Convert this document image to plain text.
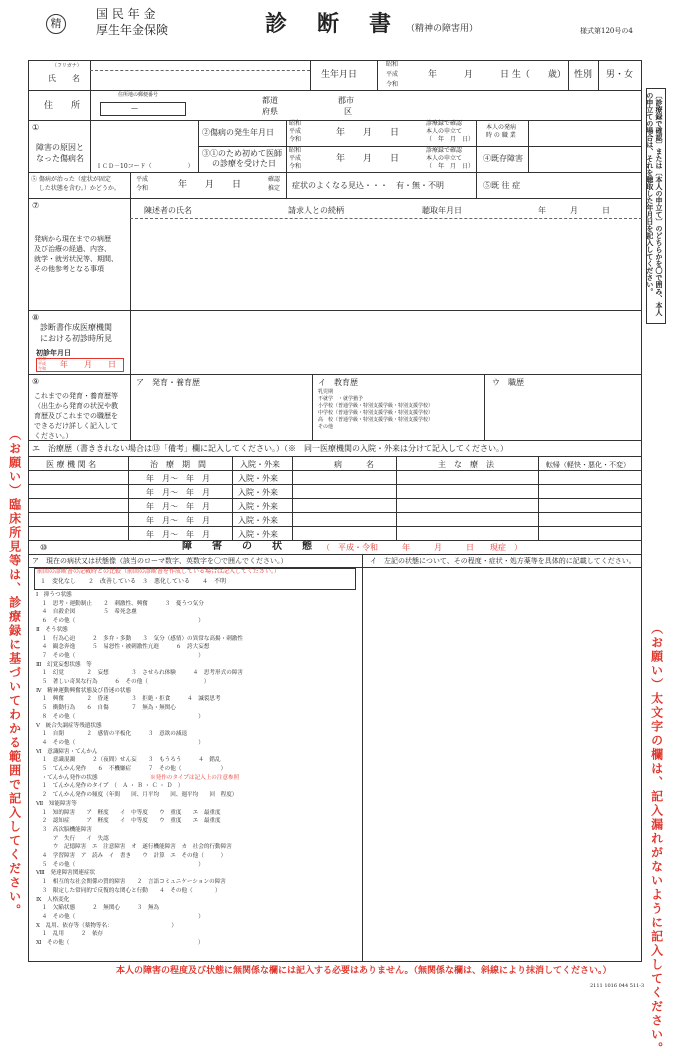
精
国 民 年 金
厚生年金保険	診　断　書 （精神の障害用）	様式第120号の4
（フリガナ）
氏　　名	生年月日
昭和
平成
令和
年　　　月　　　日 生（　　歳） 性別 男・女
住　　所
住所地の郵便番号
—
都道
府県
郡市
区
①
障害の原因と
なった傷病名
ＩＣＤ－10コード（　　　　　　）
②傷病の発生年月日
昭和
平成
令和
年　　月　　日
診療録で確認
本人の申立て
（　年　月　日）
本人の発病
時 の 職 業
③①のため初めて医師
の診療を受けた日
昭和
平成
令和
年　　月　　日
診療録で確認
本人の申立て
（　年　月　日）
④既存障害
⑤ 傷病が治った（症状が固定
　 した状態を含む。）かどうか。
平成
令和	年　　月　　日
確認
推定 症状のよくなる見込・・・　有・無・不明	⑤既 往 症
⑦
発病から現在までの病歴
及び治療の経過、内容、
就学・就労状況等、期間、
その他参考となる事項
陳述者の氏名	請求人との続柄	聴取年月日	年　　　月　　　日
⑧
診断書作成医療機関
における初診時所見
初診年月日
昭和
平成
令和 年　　月　　日
⑨
これまでの発育・養育歴等
（出生から発育の状況や教
育歴及びこれまでの職歴を
できるだけ詳しく記入して
ください。）
ア　発育・養育歴	イ　教育歴	ウ　職歴
乳児期
不就学　・就学猶予
小学校（普通学級・特別支援学級・特別支援学校）
中学校（普通学級・特別支援学級・特別支援学校）
高　校（普通学級・特別支援学級・特別支援学校）
その他
エ　治療歴（書ききれない場合は⑬「備考」欄に記入してください。）（※　同一医療機関の入院・外来は分けて記入してください。）
医 療 機 関 名	治　療　期　間	入院・外来	病　　　名	主　な　療　法	転帰（軽快・悪化・不変）
年　月～　年　月	入院・外来
年　月～　年　月	入院・外来
年　月～　年　月	入院・外来
年　月～　年　月	入院・外来
年　月～　年　月	入院・外来
⑩	障　　害　　の　　状　　態 （　平成・令和　　　年　　　月　　　日　　現症　）
ア　現在の病状又は状態像（該当のローマ数字、英数字を〇で囲んでください。）	イ　左記の状態について、その程度・症状・処方薬等を具体的に記載してください。
前回の診断書の記載時との比較（前回の診断書を作成している場合は記入してください。）
１　変化なし　　２　改善している　３　悪化している　　４　不明
Ⅰ　抑うつ状態
　１　思考・運動制止　　２　刺激性、興奮　　　３　憂うつ気分
　４　自殺企図　　　　　５　希死念慮
　６　その他（　　　　　　　　　　　　　　　　　　　　　　）
Ⅱ　そう状態
　１　行為心迫　　　２　多弁・多動　　３　気分（感情）の異常な高揚・刺激性
　４　観念奔逸　　　５　易怒性・被刺激性亢進　　　６　誇大妄想
　７　その他（　　　　　　　　　　　　　　　　　　　　　　）
Ⅲ　幻覚妄想状態　等
　１　幻覚　　　　２　妄想　　　　３　させられ体験　　　４　思考形式の障害
　５　著しい奇異な行為　　　６　その他（　　　　　　　　　　）
Ⅳ　精神運動興奮状態及び昏迷の状態
　１　興奮　　　　２　昏迷　　　　３　拒絶・拒食　　　４　滅裂思考
　５　衝動行為　　６　自傷　　　　７　無為・無関心
　８　その他（　　　　　　　　　　　　　　　　　　　　　　）
Ⅴ　統合失調症等残遺状態
　１　自閉　　　　２　感情の平板化　　　３　意欲の減退
　４　その他（　　　　　　　　　　　　　　　　　　　　　　）
Ⅵ　意識障害・てんかん
　１　意識混濁　　　２（夜間）せん妄　　３　もうろう　　　４　錯乱
　５　てんかん発作　　６　不機嫌症　　　７　その他（　　　　　　　）
　・てんかん発作の状態	※発作のタイプは記入上の注意参照
　１　てんかん発作のタイプ　（　Ａ ・ Ｂ ・ Ｃ ・ Ｄ　）
　２　てんかん発作の頻度（年間　　回、月平均　　回、週平均　　回　程度）
Ⅶ　知能障害等
　１　知的障害　　ア　軽度　　イ　中等度　　ウ　重度　　エ　最重度
　２　認知症　　　ア　軽度　　イ　中等度　　ウ　重度　　エ　最重度
　３　高次脳機能障害
　　　ア　失行　　イ　失認
　　　ウ　記憶障害　エ　注意障害　オ　遂行機能障害　カ　社会的行動障害
　４　学習障害　ア　読み　イ　書き　　ウ　計算　エ　その他（　　　）
　５　その他（　　　　　　　　　　　　　　　　　　　　　　）
Ⅷ　発達障害関連症状
　１　相互的な社会関係の質的障害　　２　言語コミュニケーションの障害
　３　限定した常同的で反復的な関心と行動　　４　その他（　　　　）
Ⅸ　人格変化
　１　欠陥状態　　　２　無関心　　　３　無為
　４　その他（　　　　　　　　　　　　　　　　　　　　　　）
Ⅹ　乱用、依存等（薬物等名：　　　　　　　　　　　）
　１　乱用　　　２　依存
Ⅺ　その他（　　　　　　　　　　　　　　　　　　　　　　　）
〔診療録で確認〕または〔本人の申立て〕のどちらかを〇で囲み、本人の申立ての場合は、それを聴取した年月日を記入してください。
（お願い）臨床所見等は、診療録に基づいてわかる範囲で記入してください。	（お願い）太文字の欄は、記入漏れがないように記入してください。
本人の障害の程度及び状態に無関係な欄には記入する必要はありません。（無関係な欄は、斜線により抹消してください。）
2111 1016 044 511-3
